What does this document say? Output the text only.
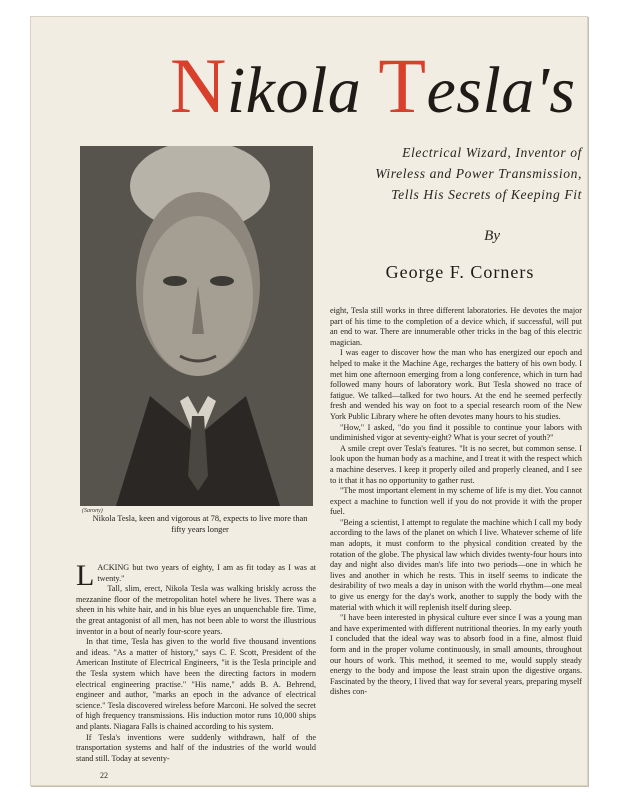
Nikola Tesla's
Electrical Wizard, Inventor of
Wireless and Power Transmission,
Tells His Secrets of Keeping Fit
By
George F. Corners
(Sarony)
Nikola Tesla, keen and vigorous at 78, expects to live more than fifty years longer

LACKING but two years of eighty, I am as fit today as I was at twenty."

Tall, slim, erect, Nikola Tesla was walking briskly across the mezzanine floor of the metropolitan hotel where he lives. There was a sheen in his white hair, and in his blue eyes an unquenchable fire. Time, the great antagonist of all men, has not been able to worst the illustrious inventor in a bout of nearly four-score years.

In that time, Tesla has given to the world five thousand inventions and ideas. "As a matter of history," says C. F. Scott, President of the American Institute of Electrical Engineers, "it is the Tesla principle and the Tesla system which have been the directing factors in modern electrical engineering practise." "His name," adds B. A. Behrend, engineer and author, "marks an epoch in the advance of electrical science." Tesla discovered wireless before Marconi. He solved the secret of high frequency transmissions. His induction motor runs 10,000 ships and plants. Niagara Falls is chained according to his system.

If Tesla's inventions were suddenly withdrawn, half of the transportation systems and half of the industries of the world would stand still. Today at seventy-

eight, Tesla still works in three different laboratories. He devotes the major part of his time to the completion of a device which, if successful, will put an end to war. There are innumerable other tricks in the bag of this electric magician.

I was eager to discover how the man who has energized our epoch and helped to make it the Machine Age, recharges the battery of his own body. I met him one afternoon emerging from a long conference, which in turn had followed many hours of laboratory work. But Tesla showed no trace of fatigue. We talked—talked for two hours. At the end he seemed perfectly fresh and wended his way on foot to a special research room of the New York Public Library where he often devotes many hours to his studies.

"How," I asked, "do you find it possible to continue your labors with undiminished vigor at seventy-eight? What is your secret of youth?"

A smile crept over Tesla's features. "It is no secret, but common sense. I look upon the human body as a machine, and I treat it with the respect which a machine deserves. I keep it properly oiled and properly cleaned, and I see to it that it has no opportunity to gather rust.

"The most important element in my scheme of life is my diet. You cannot expect a machine to function well if you do not provide it with the proper fuel.

"Being a scientist, I attempt to regulate the machine which I call my body according to the laws of the planet on which I live. Whatever scheme of life man adopts, it must conform to the physical condition created by the rotation of the globe. The physical law which divides twenty-four hours into day and night also divides man's life into two periods—one in which he lives and another in which he rests. This in itself seems to indicate the desirability of two meals a day in unison with the world rhythm—one meal to give us energy for the day's work, another to supply the body with the material with which it will replenish itself during sleep.

"I have been interested in physical culture ever since I was a young man and have experimented with different nutritional theories. In my early youth I concluded that the ideal way was to absorb food in a fine, almost fluid form and in the proper volume continuously, in small amounts, throughout our hours of work. This method, it seemed to me, would supply steady energy to the body and impose the least strain upon the digestive organs. Fascinated by the theory, I lived that way for several years, preparing myself dishes con-

22
